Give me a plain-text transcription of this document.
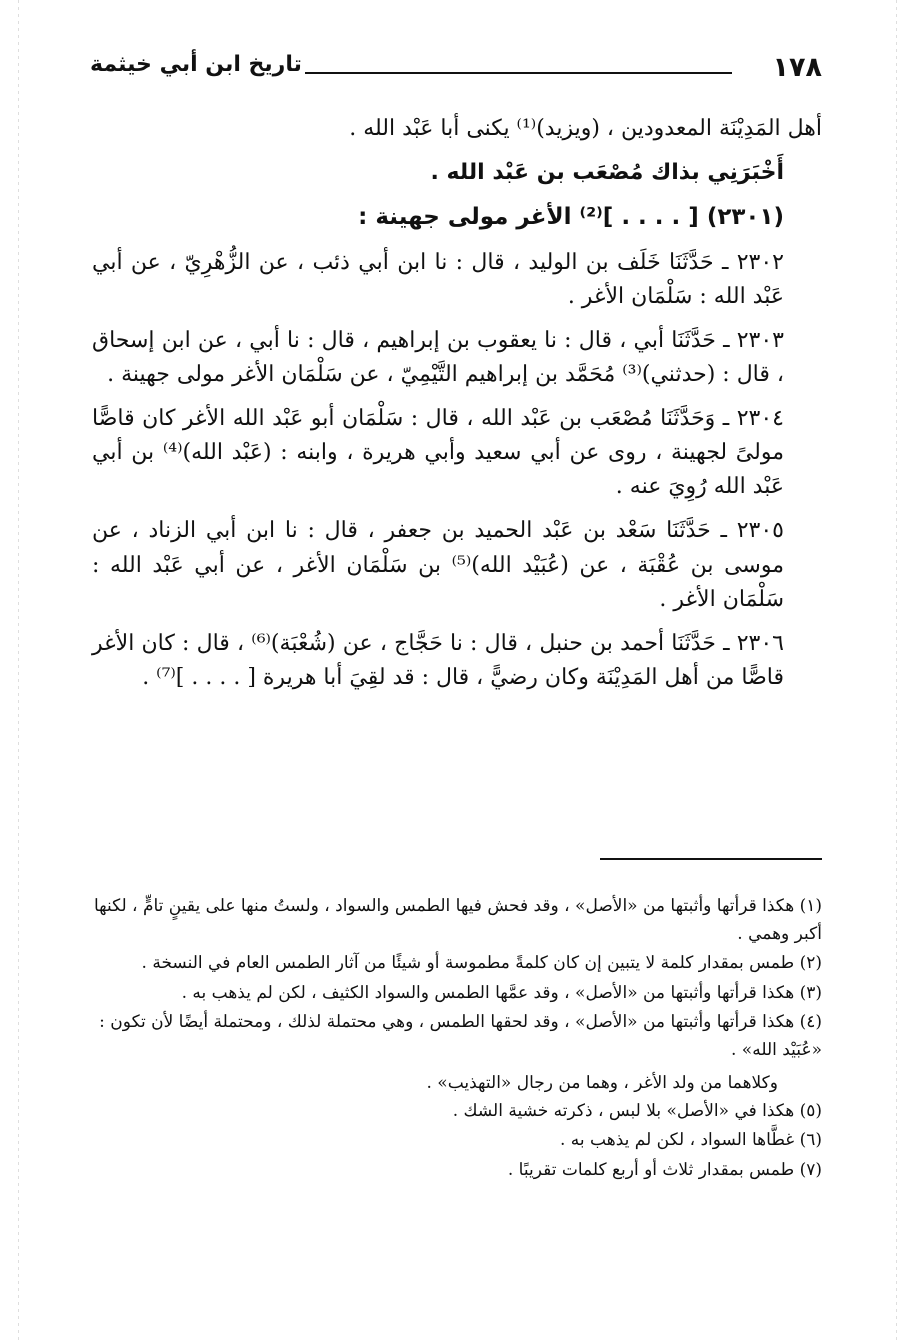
١٧٨
تاريخ ابن أبي خيثمة

أهل المَدِيْنَة المعدودين ، (ويزيد)⁽¹⁾ يكنى أبا عَبْد الله .

أَخْبَرَنِي بذاك مُصْعَب بن عَبْد الله .

(٢٣٠١) [ . . . . ]⁽²⁾ الأغر مولى جهينة :

٢٣٠٢ ـ حَدَّثَنَا خَلَف بن الوليد ، قال : نا ابن أبي ذئب ، عن الزُّهْرِيّ ، عن أبي عَبْد الله : سَلْمَان الأغر .

٢٣٠٣ ـ حَدَّثَنَا أبي ، قال : نا يعقوب بن إبراهيم ، قال : نا أبي ، عن ابن إسحاق ، قال : (حدثني)⁽³⁾ مُحَمَّد بن إبراهيم التَّيْمِيّ ، عن سَلْمَان الأغر مولى جهينة .

٢٣٠٤ ـ وَحَدَّثَنَا مُصْعَب بن عَبْد الله ، قال : سَلْمَان أبو عَبْد الله الأغر كان قاصًّا مولىً لجهينة ، روى عن أبي سعيد وأبي هريرة ، وابنه : (عَبْد الله)⁽⁴⁾ بن أبي عَبْد الله رُوِيَ عنه .

٢٣٠٥ ـ حَدَّثَنَا سَعْد بن عَبْد الحميد بن جعفر ، قال : نا ابن أبي الزناد ، عن موسى بن عُقْبَة ، عن (عُبَيْد الله)⁽⁵⁾ بن سَلْمَان الأغر ، عن أبي عَبْد الله : سَلْمَان الأغر .

٢٣٠٦ ـ حَدَّثَنَا أحمد بن حنبل ، قال : نا حَجَّاج ، عن (شُعْبَة)⁽⁶⁾ ، قال : كان الأغر قاصًّا من أهل المَدِيْنَة وكان رضيًّ ، قال : قد لقِيَ أبا هريرة [ . . . . ]⁽⁷⁾ .

(١) هكذا قرأتها وأثبتها من «الأصل» ، وقد فحش فيها الطمس والسواد ، ولستُ منها على يقينٍ تامٍّ ، لكنها أكبر وهمي .
(٢) طمس بمقدار كلمة لا يتبين إن كان كلمةً مطموسة أو شيئًا من آثار الطمس العام في النسخة .
(٣) هكذا قرأتها وأثبتها من «الأصل» ، وقد عمَّها الطمس والسواد الكثيف ، لكن لم يذهب به .
(٤) هكذا قرأتها وأثبتها من «الأصل» ، وقد لحقها الطمس ، وهي محتملة لذلك ، ومحتملة أيضًا لأن تكون : «عُبَيْد الله» .
وكلاهما من ولد الأغر ، وهما من رجال «التهذيب» .
(٥) هكذا في «الأصل» بلا لبس ، ذكرته خشية الشك .
(٦) غطَّاها السواد ، لكن لم يذهب به .
(٧) طمس بمقدار ثلاث أو أربع كلمات تقريبًا .
